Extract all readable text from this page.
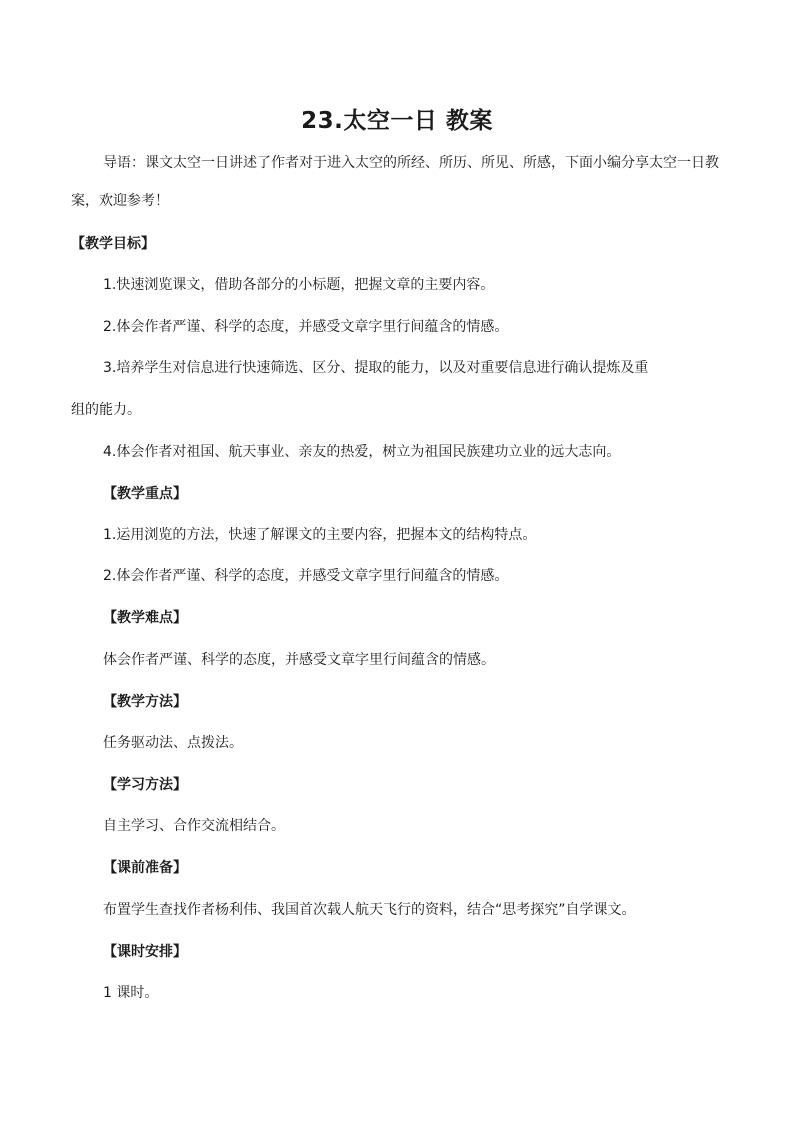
23.太空一日 教案
导语：课文太空一日讲述了作者对于进入太空的所经、所历、所见、所感，下面小编分享太空一日教
案，欢迎参考！
【教学目标】
1.快速浏览课文，借助各部分的小标题，把握文章的主要内容。
2.体会作者严谨、科学的态度，并感受文章字里行间蕴含的情感。
3.培养学生对信息进行快速筛选、区分、提取的能力，以及对重要信息进行确认提炼及重
组的能力。
4.体会作者对祖国、航天事业、亲友的热爱，树立为祖国民族建功立业的远大志向。
【教学重点】
1.运用浏览的方法，快速了解课文的主要内容，把握本文的结构特点。
2.体会作者严谨、科学的态度，并感受文章字里行间蕴含的情感。
【教学难点】
体会作者严谨、科学的态度，并感受文章字里行间蕴含的情感。
【教学方法】
任务驱动法、点拨法。
【学习方法】
自主学习、合作交流相结合。
【课前准备】
布置学生查找作者杨利伟、我国首次载人航天飞行的资料，结合“思考探究”自学课文。
【课时安排】
1 课时。
